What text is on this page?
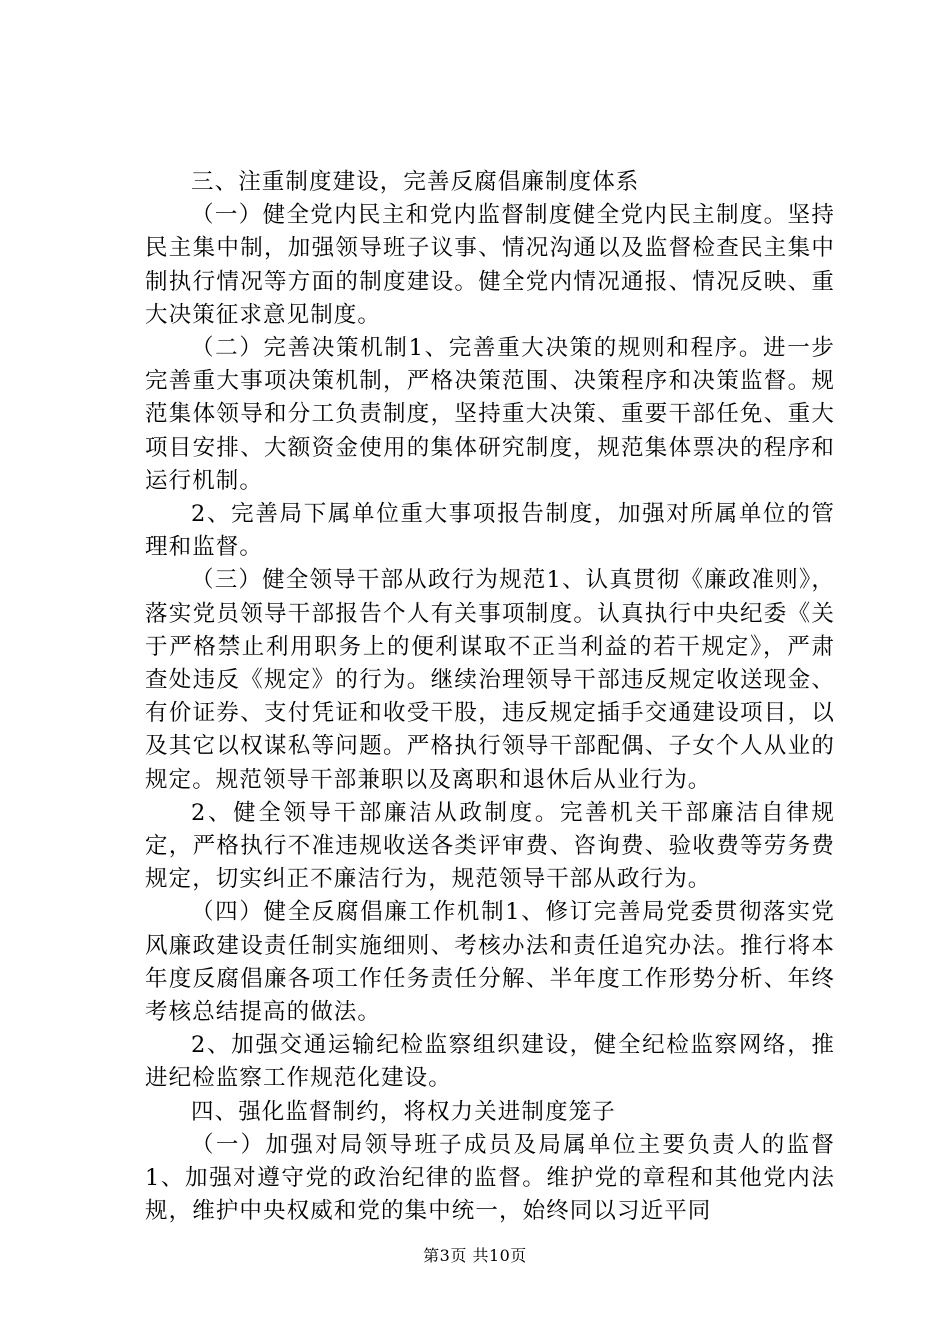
三、注重制度建设，完善反腐倡廉制度体系

（一）健全党内民主和党内监督制度健全党内民主制度。坚持民主集中制，加强领导班子议事、情况沟通以及监督检查民主集中制执行情况等方面的制度建设。健全党内情况通报、情况反映、重大决策征求意见制度。

（二）完善决策机制1、完善重大决策的规则和程序。进一步完善重大事项决策机制，严格决策范围、决策程序和决策监督。规范集体领导和分工负责制度，坚持重大决策、重要干部任免、重大项目安排、大额资金使用的集体研究制度，规范集体票决的程序和运行机制。

2、完善局下属单位重大事项报告制度，加强对所属单位的管理和监督。

（三）健全领导干部从政行为规范1、认真贯彻《廉政准则》，落实党员领导干部报告个人有关事项制度。认真执行中央纪委《关于严格禁止利用职务上的便利谋取不正当利益的若干规定》，严肃查处违反《规定》的行为。继续治理领导干部违反规定收送现金、有价证券、支付凭证和收受干股，违反规定插手交通建设项目，以及其它以权谋私等问题。严格执行领导干部配偶、子女个人从业的规定。规范领导干部兼职以及离职和退休后从业行为。

2、健全领导干部廉洁从政制度。完善机关干部廉洁自律规定，严格执行不准违规收送各类评审费、咨询费、验收费等劳务费规定，切实纠正不廉洁行为，规范领导干部从政行为。

（四）健全反腐倡廉工作机制1、修订完善局党委贯彻落实党风廉政建设责任制实施细则、考核办法和责任追究办法。推行将本年度反腐倡廉各项工作任务责任分解、半年度工作形势分析、年终考核总结提高的做法。

2、加强交通运输纪检监察组织建设，健全纪检监察网络，推进纪检监察工作规范化建设。

四、强化监督制约，将权力关进制度笼子

（一）加强对局领导班子成员及局属单位主要负责人的监督1、加强对遵守党的政治纪律的监督。维护党的章程和其他党内法规，维护中央权威和党的集中统一，始终同以习近平同

第3页 共10页
